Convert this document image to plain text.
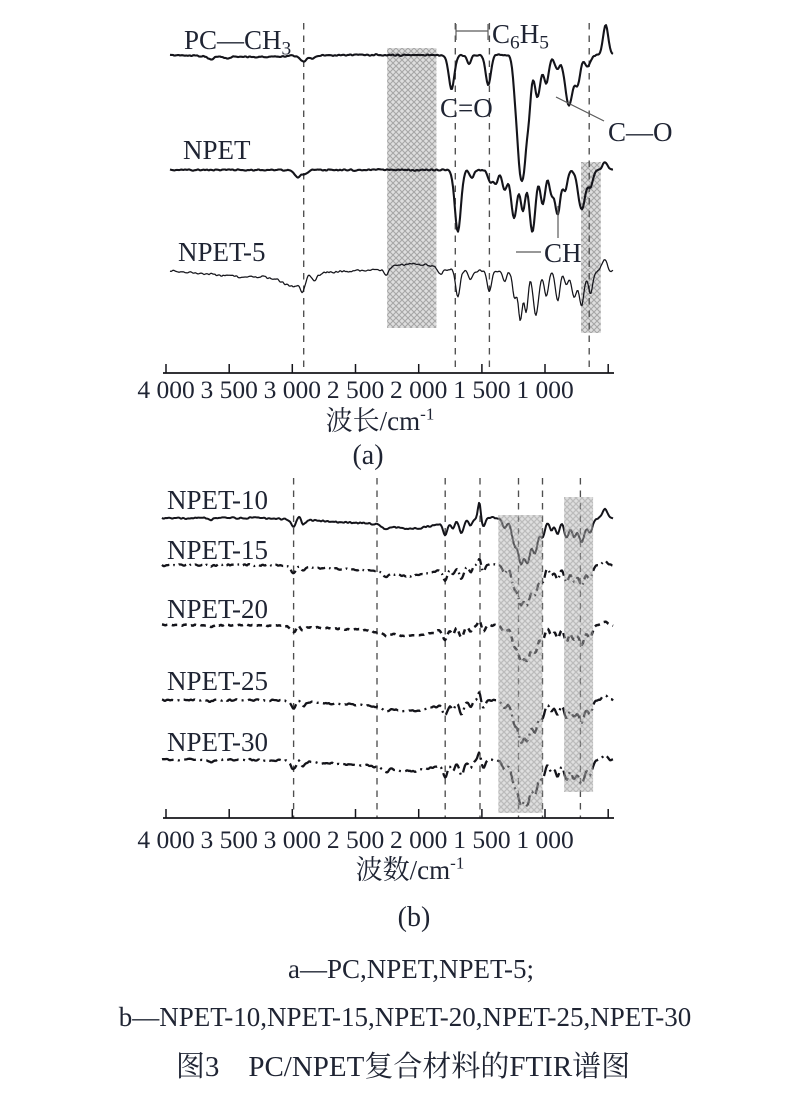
4 000 3 500 3 000 2 500 2 000 1 500 1 000
$PC—CH_3$
NPET
NPET-5
$C_6H_5$
C=O
C—O
CH
波长$/cm^{-1}$
(a)
4 000 3 500 3 000 2 500 2 000 1 500 1 000
NPET-10
NPET-15
NPET-20
NPET-25
NPET-30
波数$/cm^{-1}$
(b)
a—PC,NPET,NPET-5;
b—NPET-10,NPET-15,NPET-20,NPET-25,NPET-30
图3　PC/NPET复合材料的FTIR谱图
